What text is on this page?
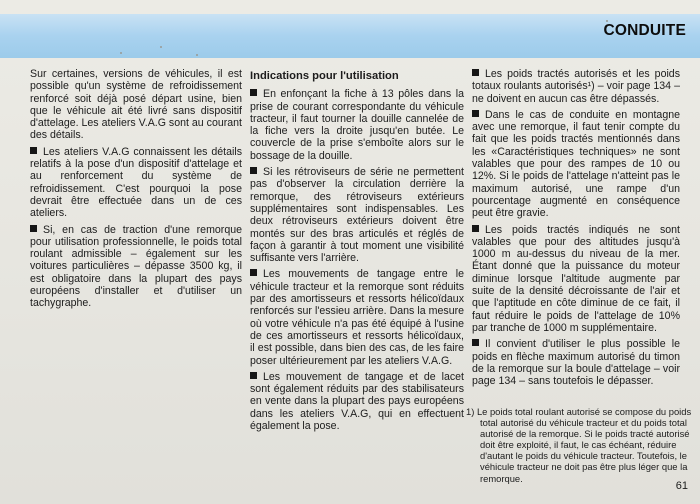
CONDUITE

Sur certaines, versions de véhicules, il est possible qu'un système de refroidissement renforcé soit déjà posé départ usine, bien que le véhicule ait été livré sans dispositif d'attelage. Les ateliers V.A.G sont au courant des détails.

Les ateliers V.A.G connaissent les détails relatifs à la pose d'un dispositif d'attelage et au renforcement du système de refroidissement. C'est pourquoi la pose devrait être effectuée dans un de ces ateliers.

Si, en cas de traction d'une remorque pour utilisation professionnelle, le poids total roulant admissible – également sur les voitures particulières – dépasse 3500 kg, il est obligatoire dans la plupart des pays européens d'installer et d'utiliser un tachygraphe.

Indications pour l'utilisation

En enfonçant la fiche à 13 pôles dans la prise de courant correspondante du véhicule tracteur, il faut tourner la douille cannelée de la fiche vers la droite jusqu'en butée. Le couvercle de la prise s'emboîte alors sur le bossage de la douille.

Si les rétroviseurs de série ne permettent pas d'observer la circulation derrière la remorque, des rétroviseurs extérieurs supplémentaires sont indispensables. Les deux rétroviseurs extérieurs doivent être montés sur des bras articulés et réglés de façon à garantir à tout moment une visibilité suffisante vers l'arrière.

Les mouvements de tangage entre le véhicule tracteur et la remorque sont réduits par des amortisseurs et ressorts hélicoïdaux renforcés sur l'essieu arrière. Dans la mesure où votre véhicule n'a pas été équipé à l'usine de ces amortisseurs et ressorts hélicoïdaux, il est possible, dans bien des cas, de les faire poser ultérieurement par les ateliers V.A.G.

Les mouvement de tangage et de lacet sont également réduits par des stabilisateurs en vente dans la plupart des pays européens dans les ateliers V.A.G, qui en effectuent également la pose.

Les poids tractés autorisés et les poids totaux roulants autorisés¹) – voir page 134 – ne doivent en aucun cas être dépassés.

Dans le cas de conduite en montagne avec une remorque, il faut tenir compte du fait que les poids tractés mentionnés dans les «Caractéristiques techniques» ne sont valables que pour des rampes de 10 ou 12%. Si le poids de l'attelage n'atteint pas le maximum autorisé, une rampe d'un pourcentage augmenté en conséquence peut être gravie.

Les poids tractés indiqués ne sont valables que pour des altitudes jusqu'à 1000 m au-dessus du niveau de la mer. Étant donné que la puissance du moteur diminue lorsque l'altitude augmente par suite de la densité décroissante de l'air et que l'aptitude en côte diminue de ce fait, il faut réduire le poids de l'attelage de 10% par tranche de 1000 m supplémentaire.

Il convient d'utiliser le plus possible le poids en flèche maximum autorisé du timon de la remorque sur la boule d'attelage – voir page 134 – sans toutefois le dépasser.

1) Le poids total roulant autorisé se compose du poids total autorisé du véhicule tracteur et du poids total autorisé de la remorque. Si le poids tracté autorisé doit être exploité, il faut, le cas échéant, réduire d'autant le poids du véhicule tracteur. Toutefois, le véhicule tracteur ne doit pas être plus léger que la remorque.
61
